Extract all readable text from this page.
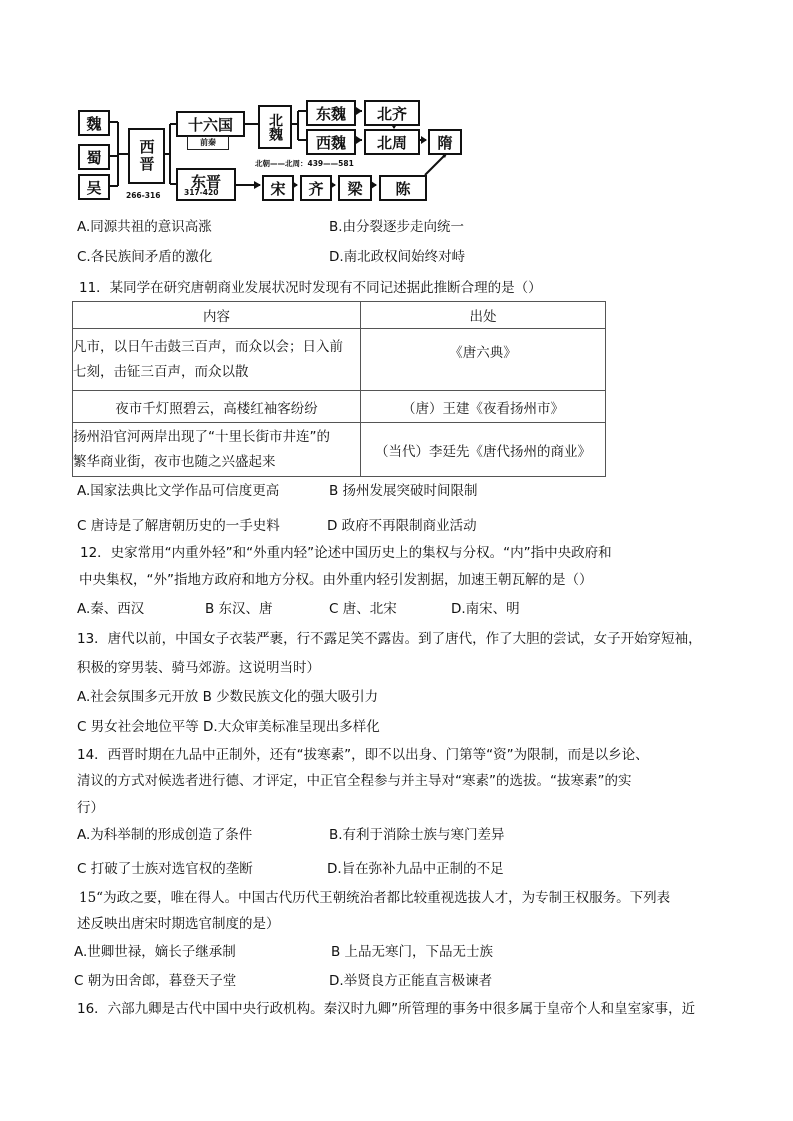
魏
蜀
吴
西晋
266-316
十六国
前秦
北魏	东魏
西魏
北齐
北周	隋
北朝——北周：439——581
东晋
317-420	宋	齐	梁	陈
A.同源共祖的意识高涨	B.由分裂逐步走向统一
C.各民族间矛盾的激化	D.南北政权间始终对峙
11．某同学在研究唐朝商业发展状况时发现有不同记述据此推断合理的是（）
内容	出处

凡市，以日午击鼓三百声，而众以会；日入前
七刻，击钲三百声，而众以散	《唐六典》
夜市千灯照碧云，高楼红袖客纷纷	（唐）王建《夜看扬州市》

扬州沿官河两岸出现了“十里长街市井连”的
繁华商业街，夜市也随之兴盛起来	（当代）李廷先《唐代扬州的商业》
A.国家法典比文学作品可信度更高	B 扬州发展突破时间限制
C 唐诗是了解唐朝历史的一手史料	D 政府不再限制商业活动
12．史家常用“内重外轻”和“外重内轻”论述中国历史上的集权与分权。“内”指中央政府和
中央集权，“外”指地方政府和地方分权。由外重内轻引发割据，加速王朝瓦解的是（）
A.秦、西汉	B 东汉、唐	C 唐、北宋	D.南宋、明
13．唐代以前，中国女子衣装严裹，行不露足笑不露齿。到了唐代，作了大胆的尝试，女子开始穿短袖，
积极的穿男装、骑马郊游。这说明当时）
A.社会氛围多元开放 B 少数民族文化的强大吸引力
C 男女社会地位平等 D.大众审美标准呈现出多样化
14．西晋时期在九品中正制外，还有“拔寒素”，即不以出身、门第等“资”为限制，而是以乡论、
清议的方式对候选者进行德、才评定，中正官全程参与并主导对“寒素”的选拔。“拔寒素”的实
行）
A.为科举制的形成创造了条件	B.有利于消除士族与寒门差异
C 打破了士族对选官权的垄断	D.旨在弥补九品中正制的不足
15“为政之要，唯在得人。中国古代历代王朝统治者都比较重视选拔人才，为专制王权服务。下列表
述反映出唐宋时期选官制度的是）
A.世卿世禄，嫡长子继承制	B 上品无寒门，下品无士族
C 朝为田舍郎，暮登天子堂	D.举贤良方正能直言极谏者
16．六部九卿是古代中国中央行政机构。秦汉时九卿”所管理的事务中很多属于皇帝个人和皇室家事，近
